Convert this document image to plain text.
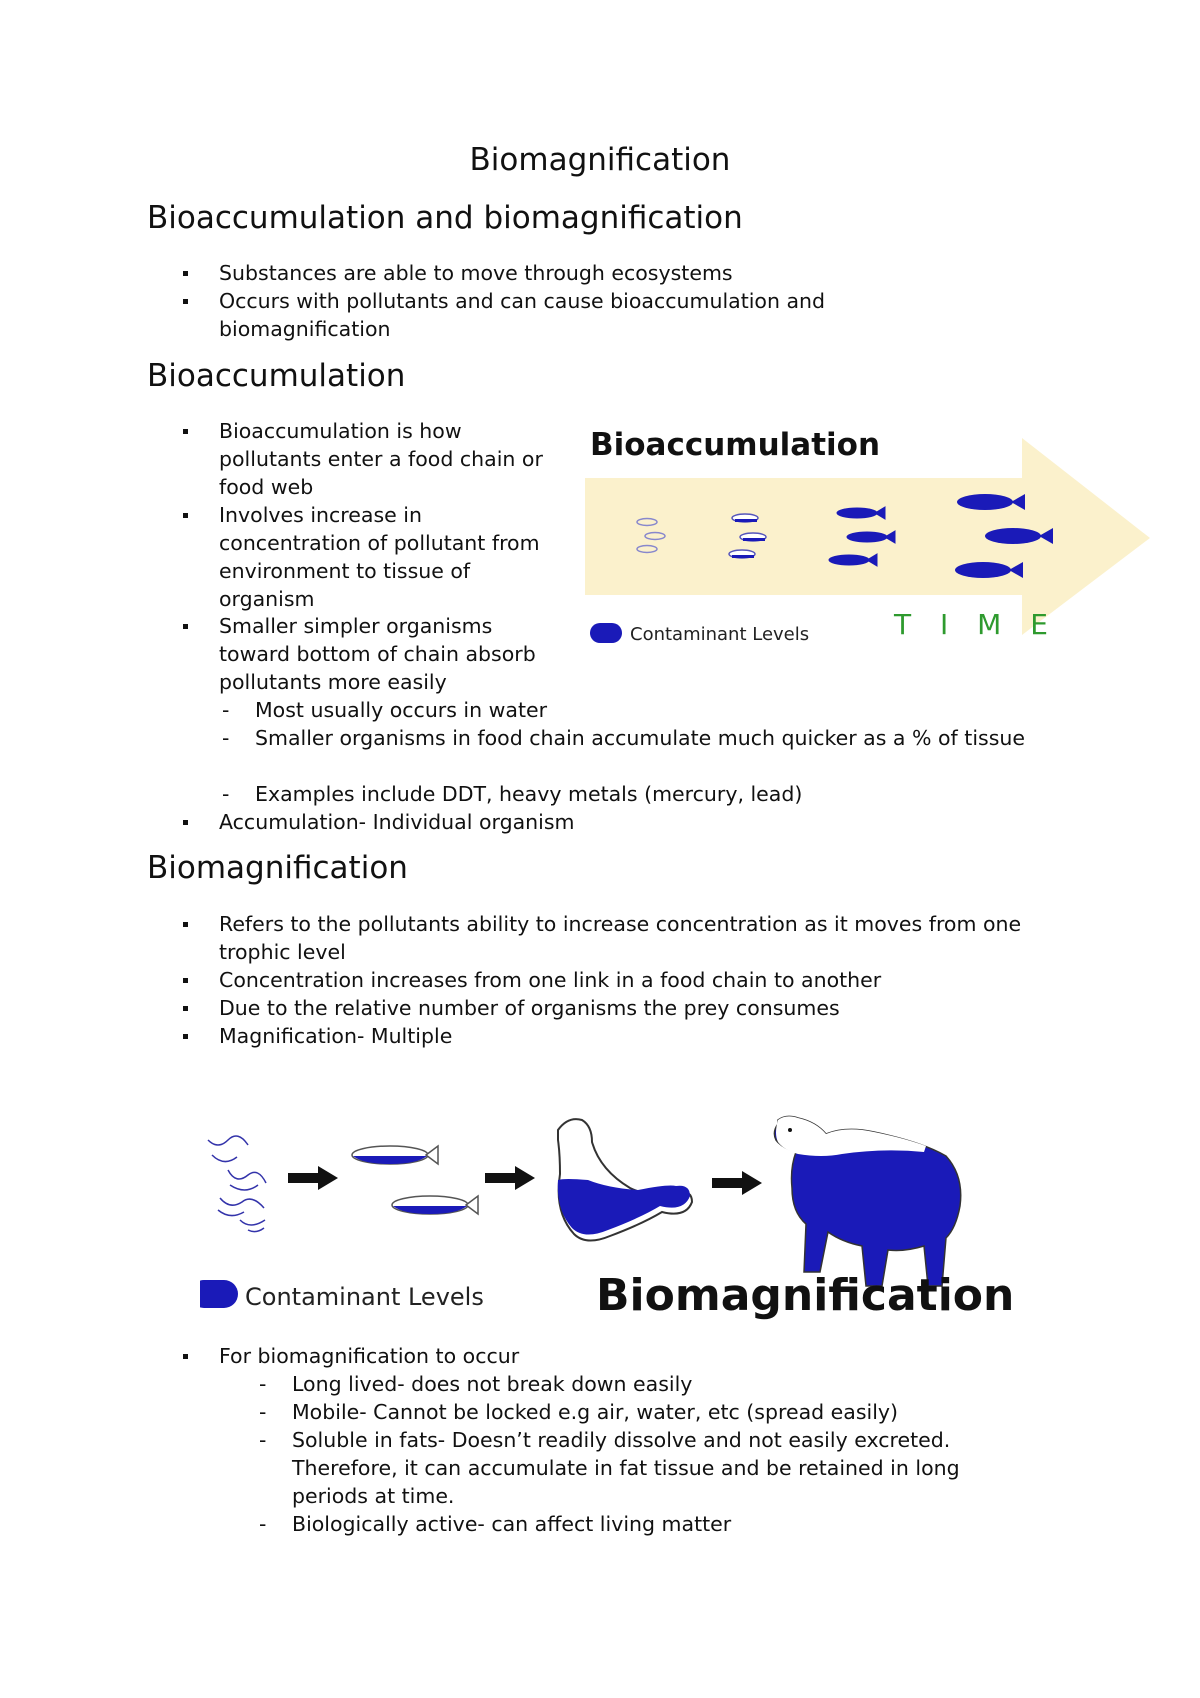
Biomagnification
Bioaccumulation and biomagnification
Substances are able to move through ecosystems
Occurs with pollutants and can cause bioaccumulation and biomagnification
Bioaccumulation
Bioaccumulation is how pollutants enter a food chain or food web
Involves increase in concentration of pollutant from environment to tissue of organism
Smaller simpler organisms toward bottom of chain absorb pollutants more easily
- Most usually occurs in water
- Smaller organisms in food chain accumulate much quicker as a % of tissue
- Examples include DDT, heavy metals (mercury, lead)
Accumulation- Individual organism
Bioaccumulation
T I M E
Contaminant Levels
Biomagnification
Refers to the pollutants ability to increase concentration as it moves from one trophic level
Concentration increases from one link in a food chain to another
Due to the relative number of organisms the prey consumes
Magnification- Multiple
Contaminant Levels	Biomagnification
For biomagnification to occur
- Long lived- does not break down easily
- Mobile- Cannot be locked e.g air, water, etc (spread easily)
- Soluble in fats- Doesn’t readily dissolve and not easily excreted. Therefore, it can accumulate in fat tissue and be retained in long periods at time.
- Biologically active- can affect living matter
